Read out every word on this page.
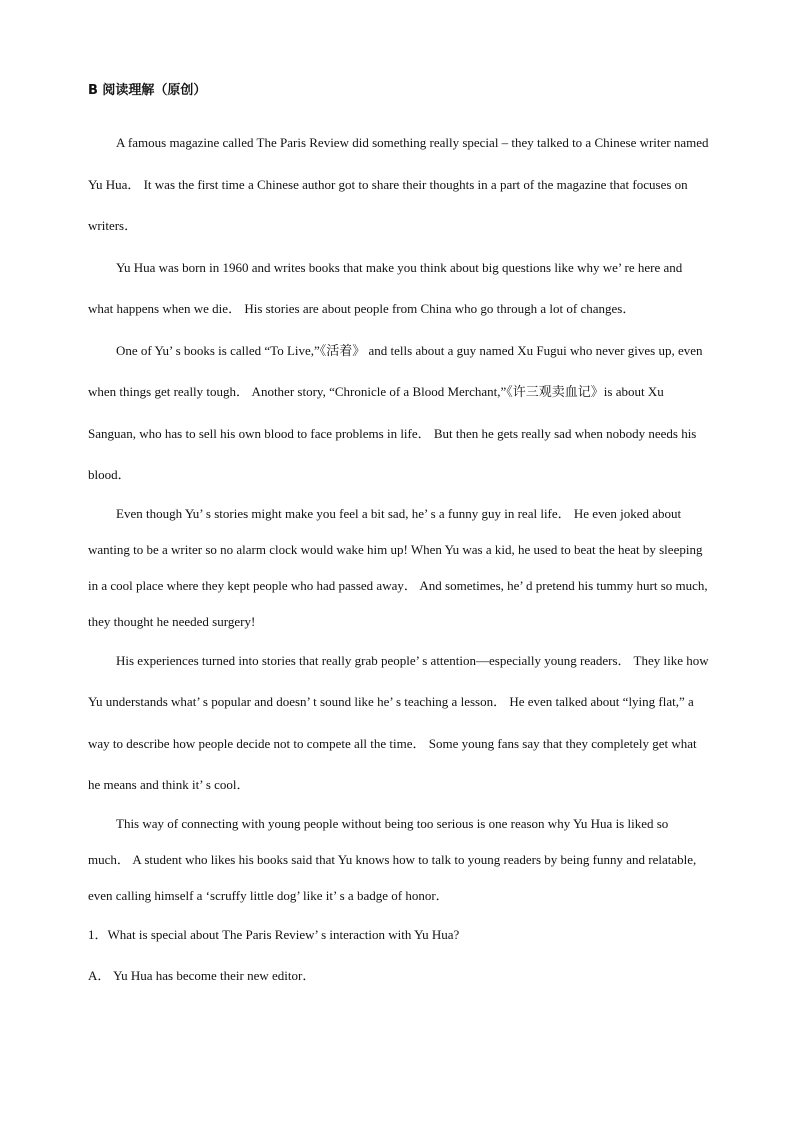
B 阅读理解（原创）

A famous magazine called The Paris Review did something really special – they talked to a Chinese writer named Yu Hua． It was the first time a Chinese author got to share their thoughts in a part of the magazine that focuses on writers．

Yu Hua was born in 1960 and writes books that make you think about big questions like why we’ re here and what happens when we die． His stories are about people from China who go through a lot of changes．

One of Yu’ s books is called “To Live,”《活着》 and tells about a guy named Xu Fugui who never gives up, even when things get really tough． Another story, “Chronicle of a Blood Merchant,”《许三观卖血记》is about Xu Sanguan, who has to sell his own blood to face problems in life． But then he gets really sad when nobody needs his blood．

Even though Yu’ s stories might make you feel a bit sad, he’ s a funny guy in real life． He even joked about wanting to be a writer so no alarm clock would wake him up! When Yu was a kid, he used to beat the heat by sleeping in a cool place where they kept people who had passed away． And sometimes, he’ d pretend his tummy hurt so much, they thought he needed surgery!

His experiences turned into stories that really grab people’ s attention—especially young readers． They like how Yu understands what’ s popular and doesn’ t sound like he’ s teaching a lesson． He even talked about “lying flat,” a way to describe how people decide not to compete all the time． Some young fans say that they completely get what he means and think it’ s cool．

This way of connecting with young people without being too serious is one reason why Yu Hua is liked so much． A student who likes his books said that Yu knows how to talk to young readers by being funny and relatable, even calling himself a ‘scruffy little dog’ like it’ s a badge of honor．

1．What is special about The Paris Review’ s interaction with Yu Hua?

A． Yu Hua has become their new editor．
